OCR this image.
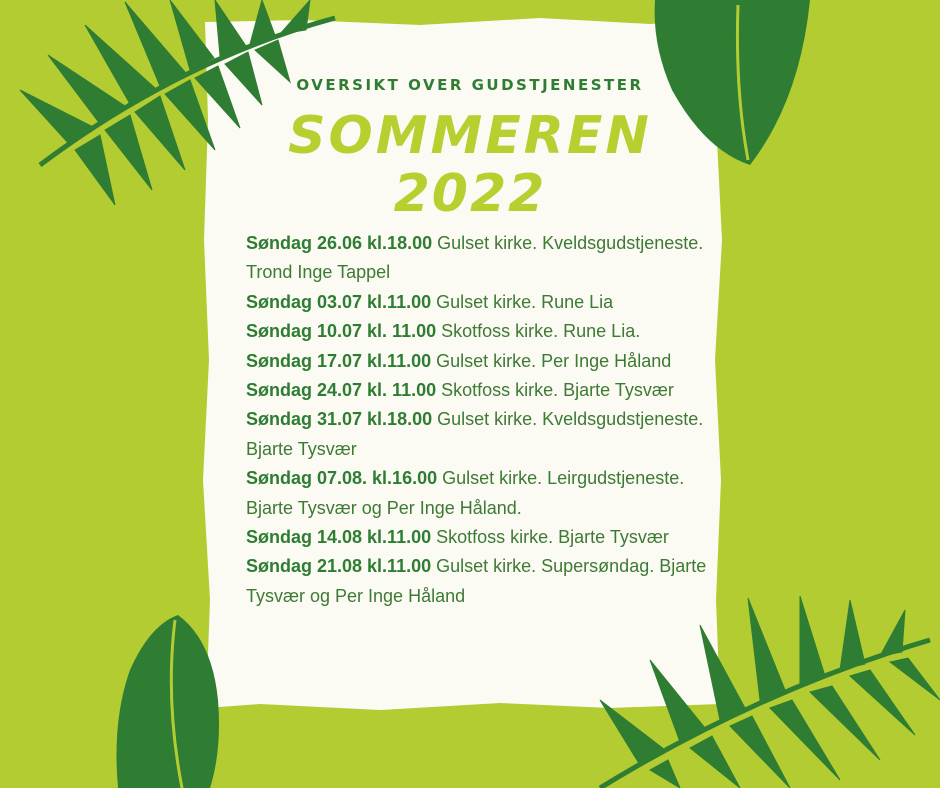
OVERSIKT OVER GUDSTJENESTER
SOMMEREN
2022

Søndag 26.06 kl.18.00 Gulset kirke. Kveldsgudstjeneste. Trond Inge Tappel

Søndag 03.07 kl.11.00 Gulset kirke. Rune Lia

Søndag 10.07 kl. 11.00 Skotfoss kirke. Rune Lia.

Søndag 17.07 kl.11.00 Gulset kirke. Per Inge Håland

Søndag 24.07 kl. 11.00 Skotfoss kirke. Bjarte Tysvær

Søndag 31.07 kl.18.00 Gulset kirke. Kveldsgudstjeneste. Bjarte Tysvær

Søndag 07.08. kl.16.00 Gulset kirke. Leirgudstjeneste. Bjarte Tysvær og Per Inge Håland.

Søndag 14.08 kl.11.00 Skotfoss kirke. Bjarte Tysvær

Søndag 21.08 kl.11.00 Gulset kirke. Supersøndag. Bjarte Tysvær og Per Inge Håland
